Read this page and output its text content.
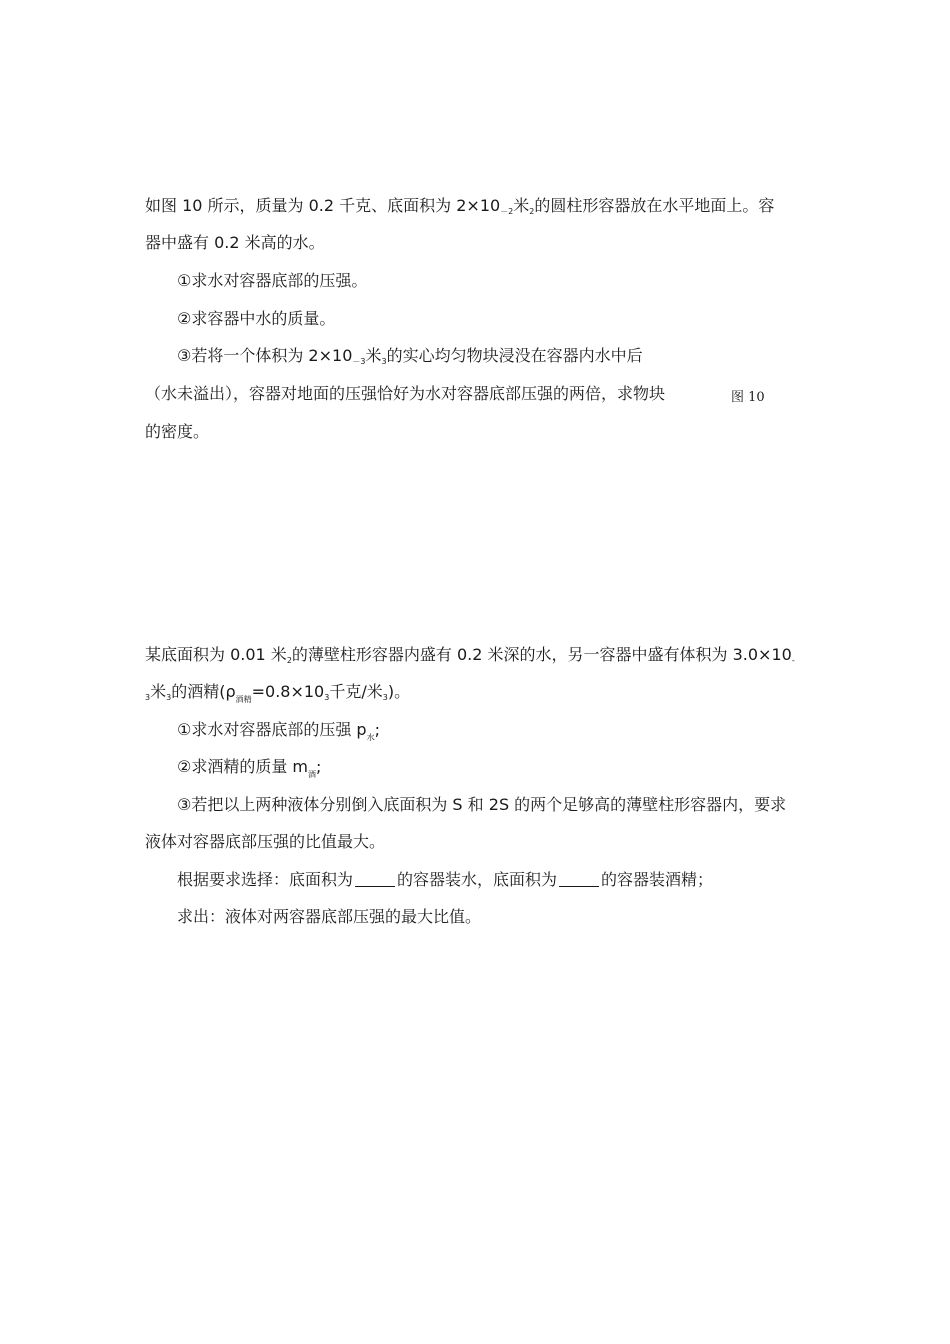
如图 10 所示，质量为 0.2 千克、底面积为 $2\times 10_{-2}$米$_2$的圆柱形容器放在水平地面上。容
器中盛有 0.2 米高的水。
①求水对容器底部的压强。
②求容器中水的质量。
③若将一个体积为 $2\times 10_{-3}$米$_3$的实心均匀物块浸没在容器内水中后
（水未溢出），容器对地面的压强恰好为水对容器底部压强的两倍，求物块	图 10
的密度。
某底面积为 0.01 米$_2$的薄壁柱形容器内盛有 0.2 米深的水，另一容器中盛有体积为 $3.0\times 10_-$
$_3$米$_3$的酒精($\rho_{酒精}=0.8\times 10_3$千克/米$_3$)。
①求水对容器底部的压强 $p_水$;
②求酒精的质量 $m_酒$;
③若把以上两种液体分别倒入底面积为 S 和 2S 的两个足够高的薄壁柱形容器内，要求
液体对容器底部压强的比值最大。
根据要求选择：底面积为	的容器装水，底面积为	的容器装酒精；
求出：液体对两容器底部压强的最大比值。
